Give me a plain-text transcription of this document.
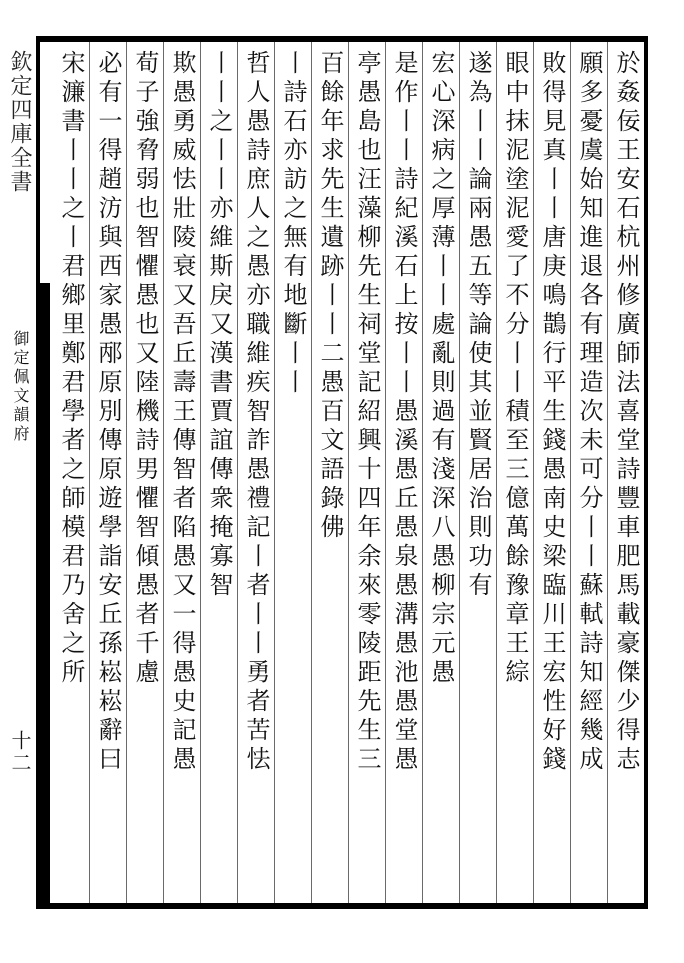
欽定四庫全書
御定佩文韻府
十二	於姦佞王安石杭州修廣師法喜堂詩豐車肥馬載豪傑少得志
願多憂虞始知進退各有理造次未可分丨丨蘇軾詩知經幾成
敗得見真丨丨唐庚鳴鵲行平生錢愚南史梁臨川王宏性好錢
眼中抹泥塗泥愛了不分丨丨積至三億萬餘豫章王綜
遂為丨丨論兩愚五等論使其並賢居治則功有
宏心深病之厚薄丨丨處亂則過有淺深八愚柳宗元愚
是作丨丨詩紀溪石上按丨丨愚溪愚丘愚泉愚溝愚池愚堂愚
亭愚島也汪藻柳先生祠堂記紹興十四年余來零陵距先生三
百餘年求先生遺跡丨丨二愚百文語錄佛
丨詩石亦訪之無有地斷丨丨
哲人愚詩庶人之愚亦職維疾智詐愚禮記丨者丨丨勇者苦怯
丨丨之丨丨亦維斯戾又漢書賈誼傳衆掩寡智
欺愚勇威怯壯陵衰又吾丘壽王傳智者陷愚又一得愚史記愚
荀子強脅弱也智懼愚也又陸機詩男懼智傾愚者千慮
必有一得趙汸與西家愚邴原別傳原遊學詣安丘孫崧崧辭曰
宋濂書丨丨之丨君鄉里鄭君學者之師模君乃舍之所
